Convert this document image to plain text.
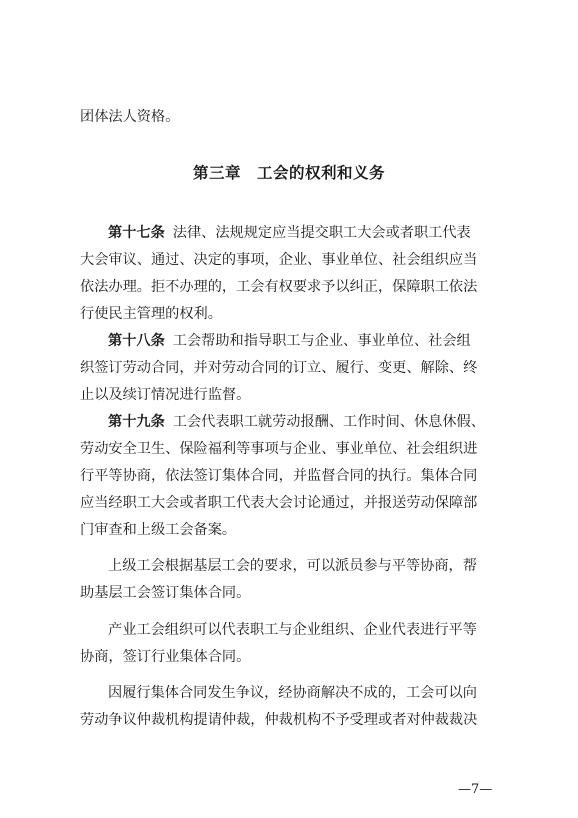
团体法人资格。
第三章　工会的权利和义务
第十七条 法律、法规规定应当提交职工大会或者职工代表
大会审议、通过、决定的事项，企业、事业单位、社会组织应当
依法办理。拒不办理的，工会有权要求予以纠正，保障职工依法
行使民主管理的权利。
第十八条 工会帮助和指导职工与企业、事业单位、社会组
织签订劳动合同，并对劳动合同的订立、履行、变更、解除、终
止以及续订情况进行监督。
第十九条 工会代表职工就劳动报酬、工作时间、休息休假、
劳动安全卫生、保险福利等事项与企业、事业单位、社会组织进
行平等协商，依法签订集体合同，并监督合同的执行。集体合同
应当经职工大会或者职工代表大会讨论通过，并报送劳动保障部
门审查和上级工会备案。
上级工会根据基层工会的要求，可以派员参与平等协商，帮
助基层工会签订集体合同。
产业工会组织可以代表职工与企业组织、企业代表进行平等
协商，签订行业集体合同。
因履行集体合同发生争议，经协商解决不成的，工会可以向
劳动争议仲裁机构提请仲裁，仲裁机构不予受理或者对仲裁裁决
—7—
